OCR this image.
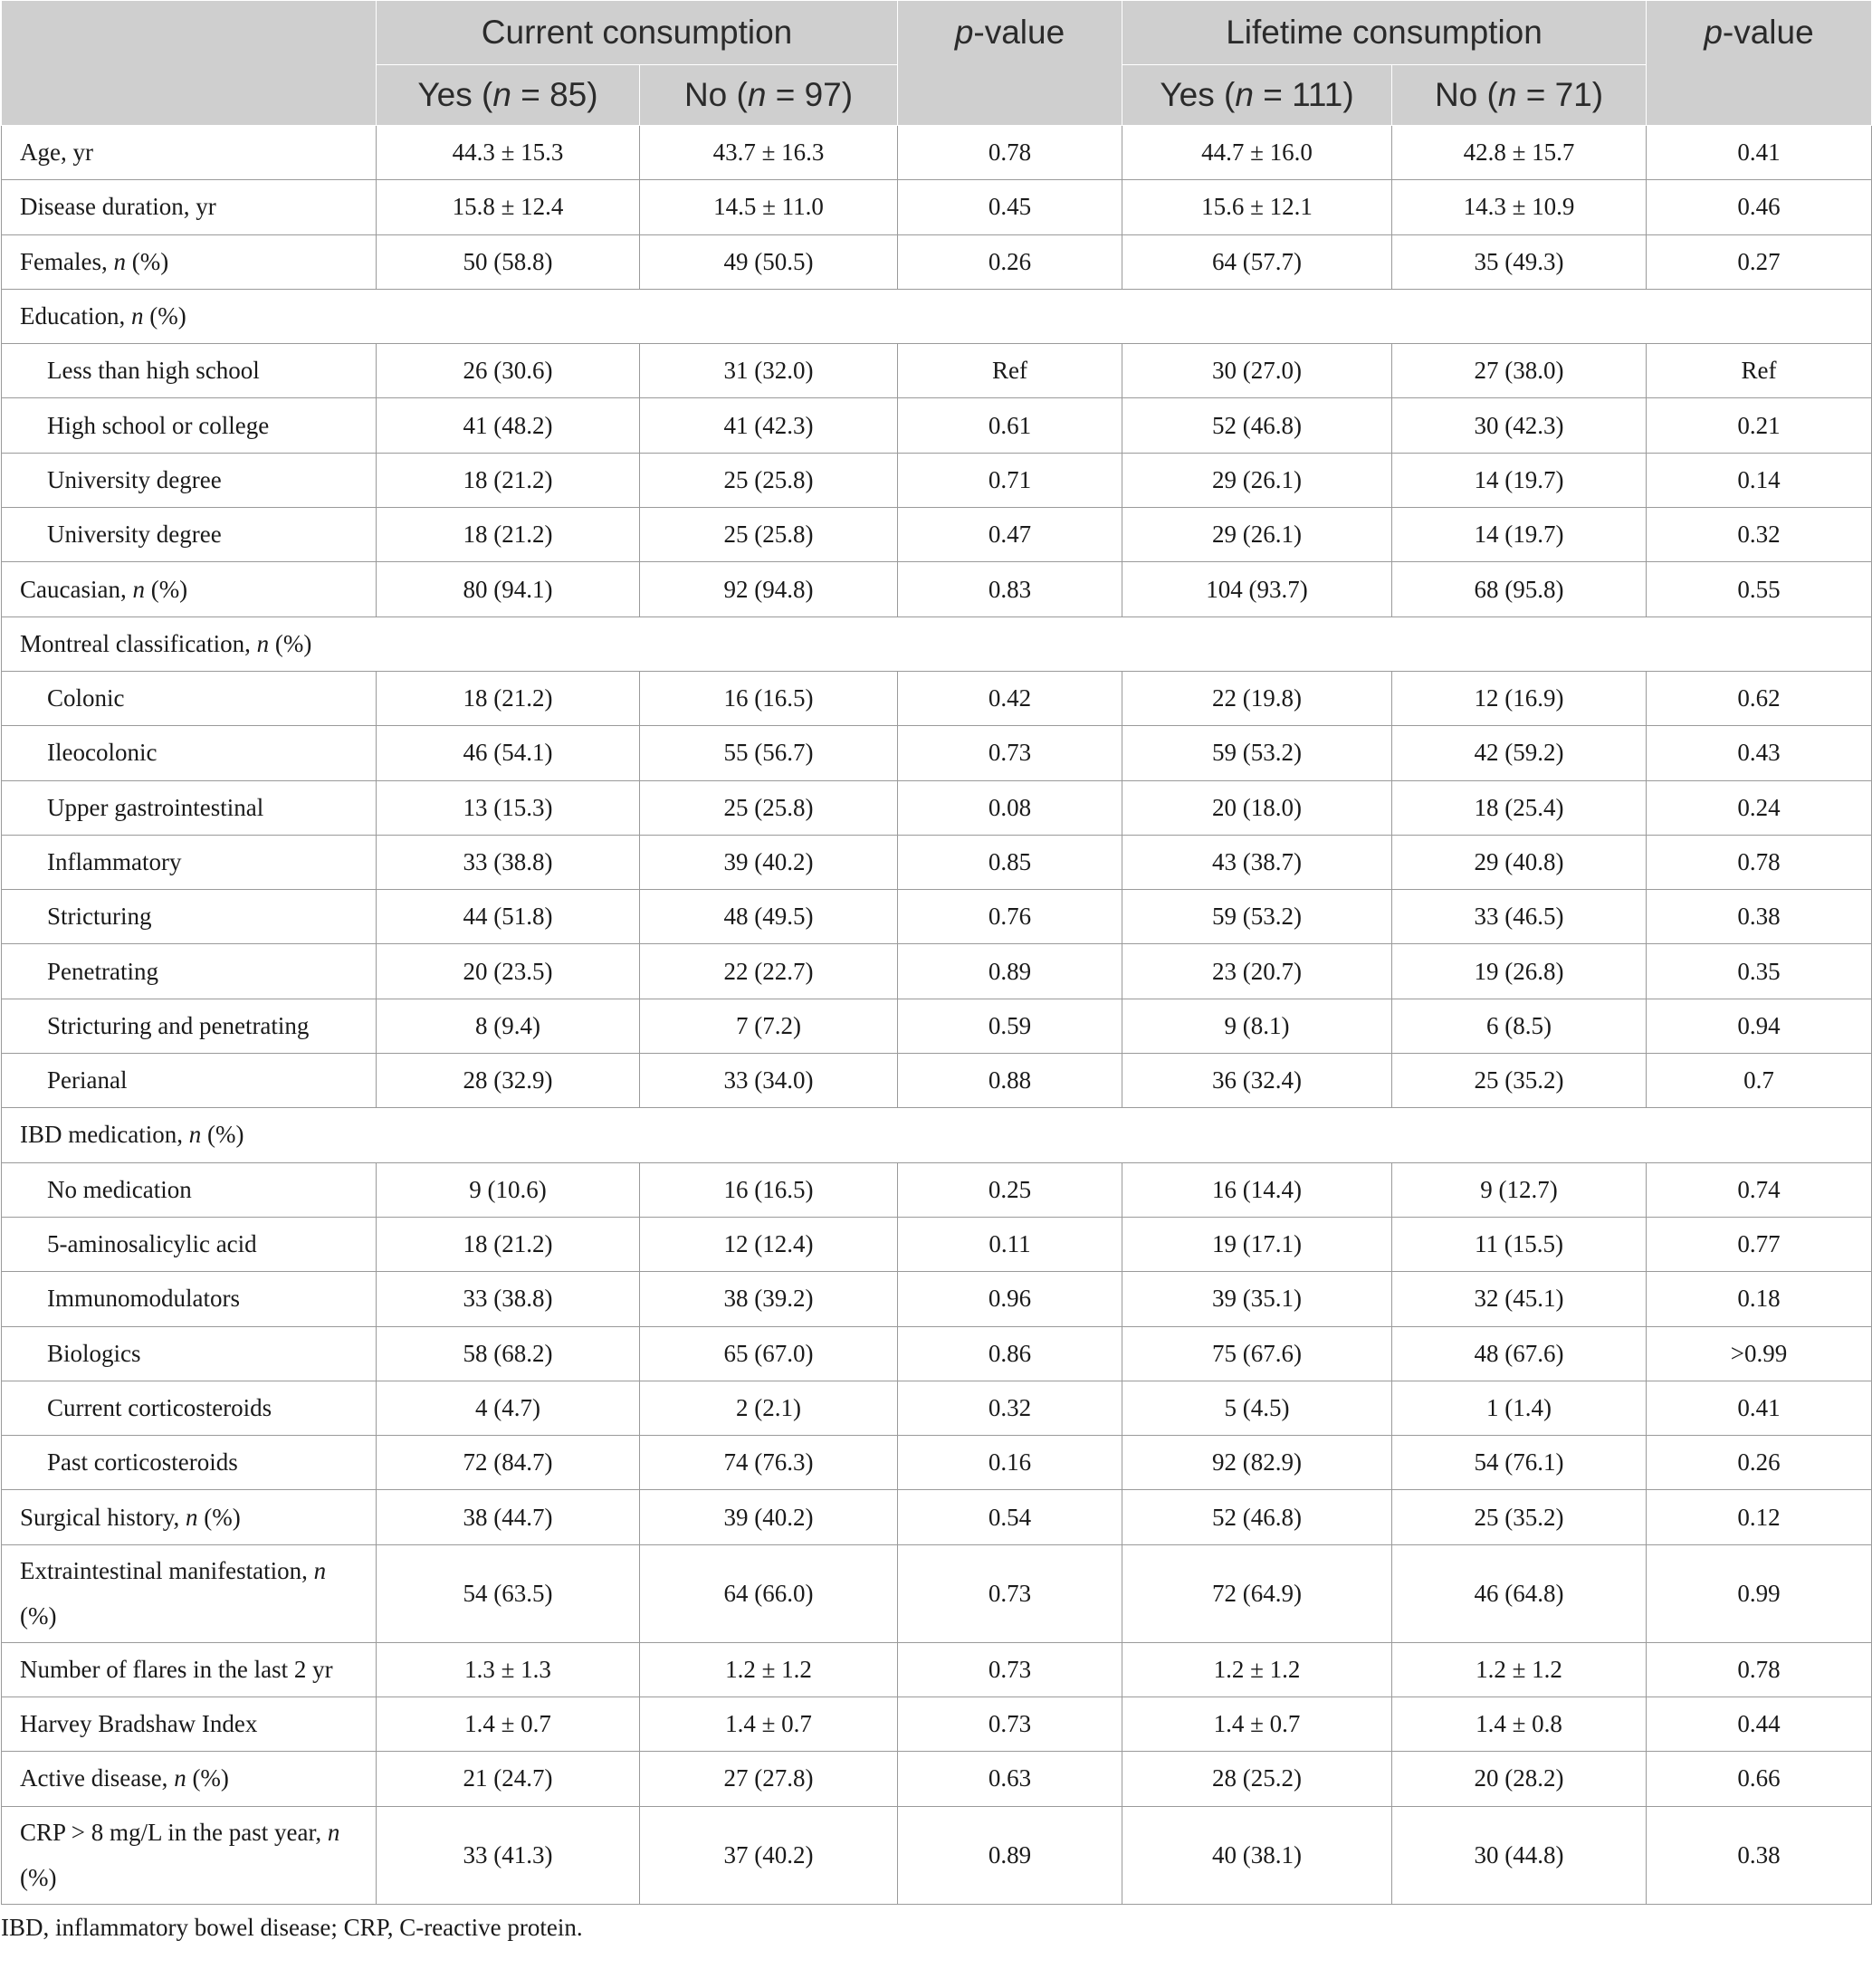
	Current consumption		p-value	Lifetime consumption		p-value
	Yes (n = 85)	No (n = 97)		Yes (n = 111)	No (n = 71)	
Age, yr	44.3 ± 15.3	43.7 ± 16.3	0.78	44.7 ± 16.0	42.8 ± 15.7	0.41
Disease duration, yr	15.8 ± 12.4	14.5 ± 11.0	0.45	15.6 ± 12.1	14.3 ± 10.9	0.46
Females, n (%)	50 (58.8)	49 (50.5)	0.26	64 (57.7)	35 (49.3)	0.27
Education, n (%)						
Less than high school	26 (30.6)	31 (32.0)	Ref	30 (27.0)	27 (38.0)	Ref
High school or college	41 (48.2)	41 (42.3)	0.61	52 (46.8)	30 (42.3)	0.21
University degree	18 (21.2)	25 (25.8)	0.71	29 (26.1)	14 (19.7)	0.14
University degree	18 (21.2)	25 (25.8)	0.47	29 (26.1)	14 (19.7)	0.32
Caucasian, n (%)	80 (94.1)	92 (94.8)	0.83	104 (93.7)	68 (95.8)	0.55
Montreal classification, n (%)						
Colonic	18 (21.2)	16 (16.5)	0.42	22 (19.8)	12 (16.9)	0.62
Ileocolonic	46 (54.1)	55 (56.7)	0.73	59 (53.2)	42 (59.2)	0.43
Upper gastrointestinal	13 (15.3)	25 (25.8)	0.08	20 (18.0)	18 (25.4)	0.24
Inflammatory	33 (38.8)	39 (40.2)	0.85	43 (38.7)	29 (40.8)	0.78
Stricturing	44 (51.8)	48 (49.5)	0.76	59 (53.2)	33 (46.5)	0.38
Penetrating	20 (23.5)	22 (22.7)	0.89	23 (20.7)	19 (26.8)	0.35
Stricturing and penetrating	8 (9.4)	7 (7.2)	0.59	9 (8.1)	6 (8.5)	0.94
Perianal	28 (32.9)	33 (34.0)	0.88	36 (32.4)	25 (35.2)	0.7
IBD medication, n (%)						
No medication	9 (10.6)	16 (16.5)	0.25	16 (14.4)	9 (12.7)	0.74
5-aminosalicylic acid	18 (21.2)	12 (12.4)	0.11	19 (17.1)	11 (15.5)	0.77
Immunomodulators	33 (38.8)	38 (39.2)	0.96	39 (35.1)	32 (45.1)	0.18
Biologics	58 (68.2)	65 (67.0)	0.86	75 (67.6)	48 (67.6)	>0.99
Current corticosteroids	4 (4.7)	2 (2.1)	0.32	5 (4.5)	1 (1.4)	0.41
Past corticosteroids	72 (84.7)	74 (76.3)	0.16	92 (82.9)	54 (76.1)	0.26
Surgical history, n (%)	38 (44.7)	39 (40.2)	0.54	52 (46.8)	25 (35.2)	0.12
Extraintestinal manifestation, n (%)	54 (63.5)	64 (66.0)	0.73	72 (64.9)	46 (64.8)	0.99
Number of flares in the last 2 yr	1.3 ± 1.3	1.2 ± 1.2	0.73	1.2 ± 1.2	1.2 ± 1.2	0.78
Harvey Bradshaw Index	1.4 ± 0.7	1.4 ± 0.7	0.73	1.4 ± 0.7	1.4 ± 0.8	0.44
Active disease, n (%)	21 (24.7)	27 (27.8)	0.63	28 (25.2)	20 (28.2)	0.66
CRP > 8 mg/L in the past year, n (%)	33 (41.3)	37 (40.2)	0.89	40 (38.1)	30 (44.8)	0.38
IBD, inflammatory bowel disease; CRP, C-reactive protein.
